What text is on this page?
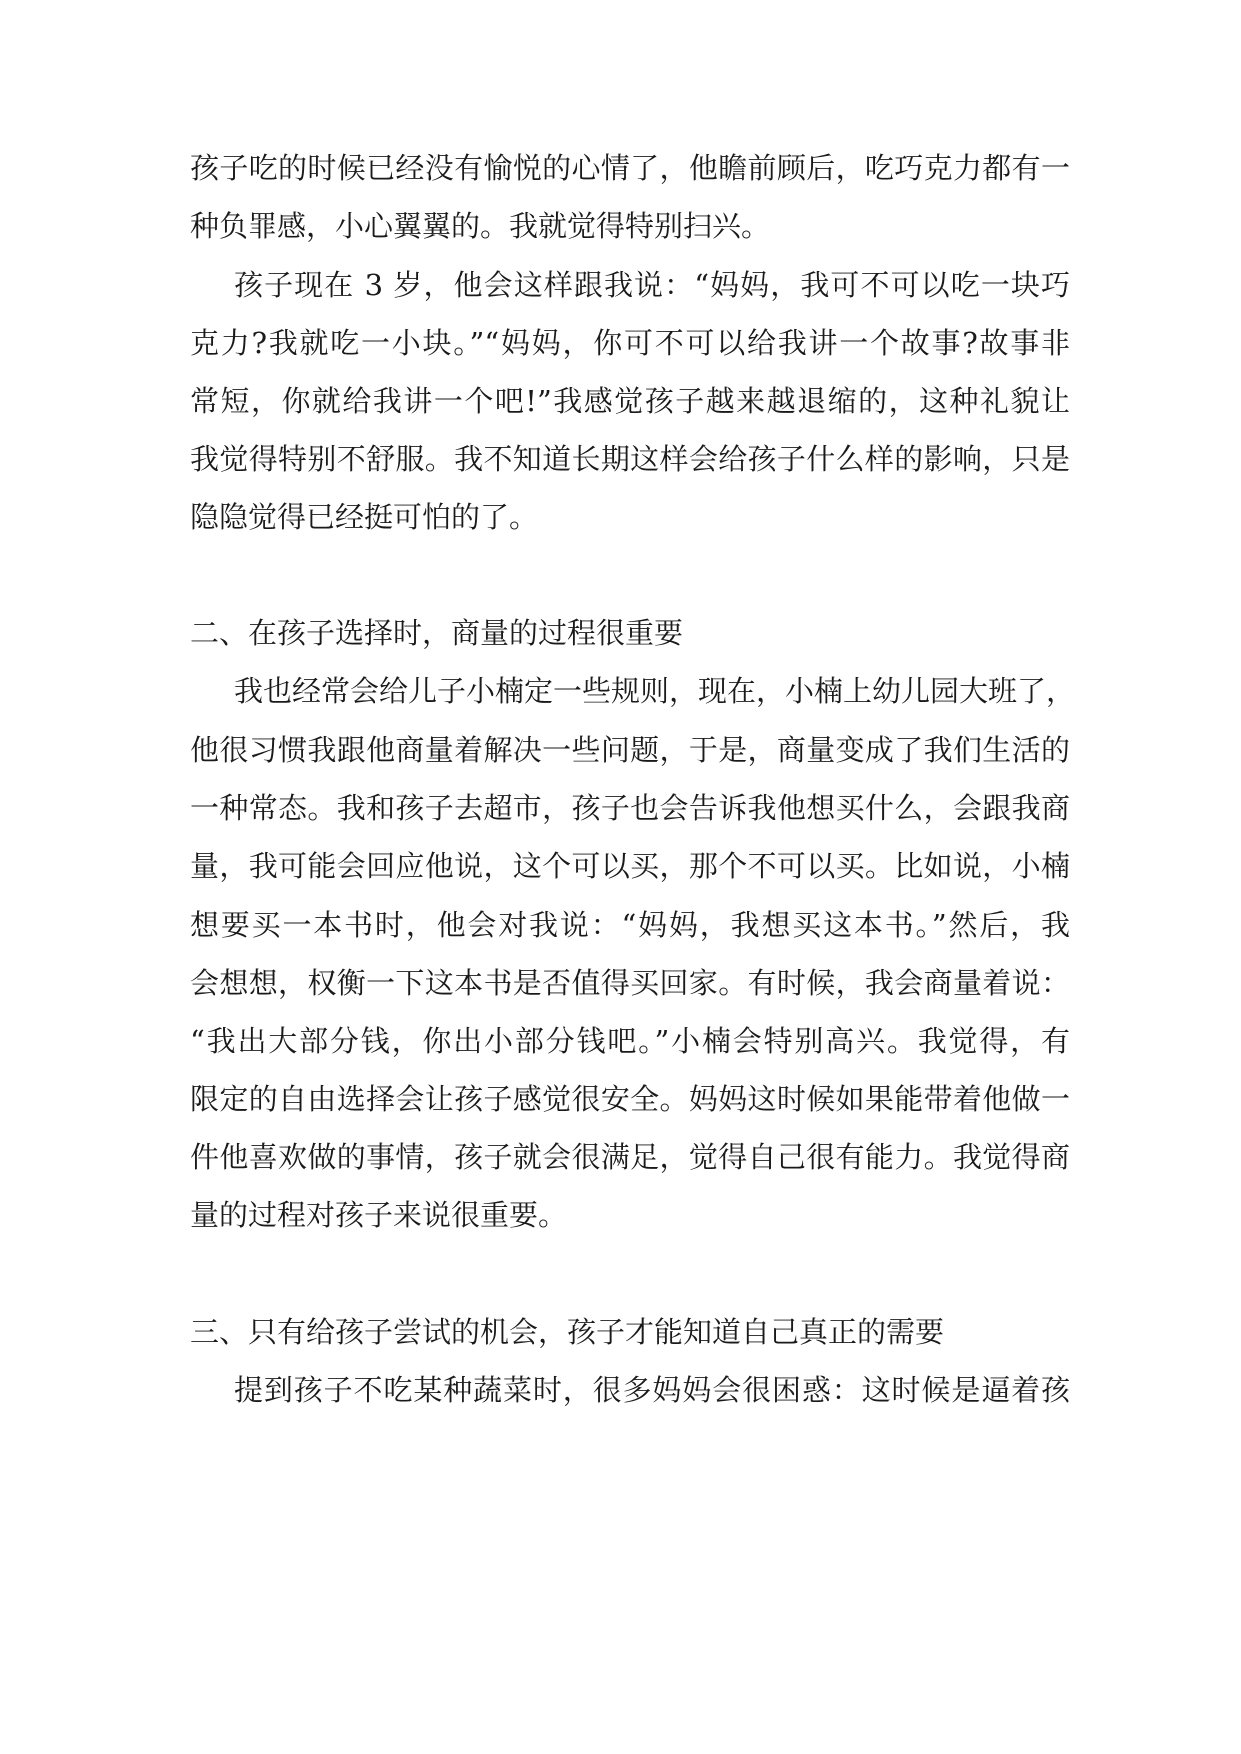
孩子吃的时候已经没有愉悦的心情了，他瞻前顾后，吃巧克力都有一
种负罪感，小心翼翼的。我就觉得特别扫兴。
孩子现在 3 岁，他会这样跟我说：“妈妈，我可不可以吃一块巧
克力?我就吃一小块。”“妈妈，你可不可以给我讲一个故事?故事非
常短，你就给我讲一个吧!”我感觉孩子越来越退缩的，这种礼貌让
我觉得特别不舒服。我不知道长期这样会给孩子什么样的影响，只是
隐隐觉得已经挺可怕的了。
二、在孩子选择时，商量的过程很重要
我也经常会给儿子小楠定一些规则，现在，小楠上幼儿园大班了，
他很习惯我跟他商量着解决一些问题，于是，商量变成了我们生活的
一种常态。我和孩子去超市，孩子也会告诉我他想买什么，会跟我商
量，我可能会回应他说，这个可以买，那个不可以买。比如说，小楠
想要买一本书时，他会对我说：“妈妈，我想买这本书。”然后，我
会想想，权衡一下这本书是否值得买回家。有时候，我会商量着说：
“我出大部分钱，你出小部分钱吧。”小楠会特别高兴。我觉得，有
限定的自由选择会让孩子感觉很安全。妈妈这时候如果能带着他做一
件他喜欢做的事情，孩子就会很满足，觉得自己很有能力。我觉得商
量的过程对孩子来说很重要。
三、只有给孩子尝试的机会，孩子才能知道自己真正的需要
提到孩子不吃某种蔬菜时，很多妈妈会很困惑：这时候是逼着孩
